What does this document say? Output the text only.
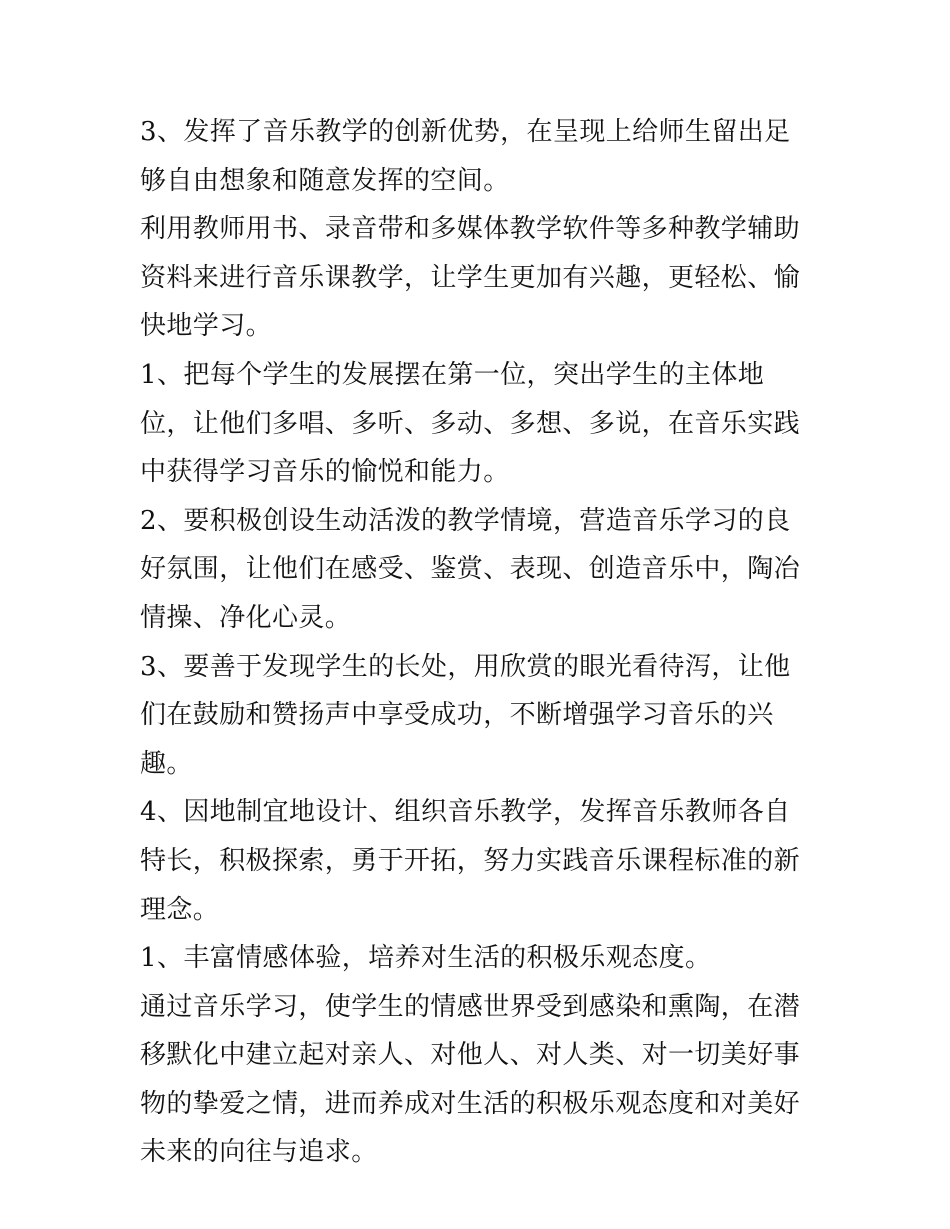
3、发挥了音乐教学的创新优势，在呈现上给师生留出足够自由想象和随意发挥的空间。

利用教师用书、录音带和多媒体教学软件等多种教学辅助资料来进行音乐课教学，让学生更加有兴趣，更轻松、愉快地学习。

1、把每个学生的发展摆在第一位，突出学生的主体地位，让他们多唱、多听、多动、多想、多说，在音乐实践中获得学习音乐的愉悦和能力。

2、要积极创设生动活泼的教学情境，营造音乐学习的良好氛围，让他们在感受、鉴赏、表现、创造音乐中，陶冶情操、净化心灵。

3、要善于发现学生的长处，用欣赏的眼光看待泻，让他们在鼓励和赞扬声中享受成功，不断增强学习音乐的兴趣。

4、因地制宜地设计、组织音乐教学，发挥音乐教师各自特长，积极探索，勇于开拓，努力实践音乐课程标准的新理念。

1、丰富情感体验，培养对生活的积极乐观态度。

通过音乐学习，使学生的情感世界受到感染和熏陶，在潜移默化中建立起对亲人、对他人、对人类、对一切美好事物的挚爱之情，进而养成对生活的积极乐观态度和对美好未来的向往与追求。
